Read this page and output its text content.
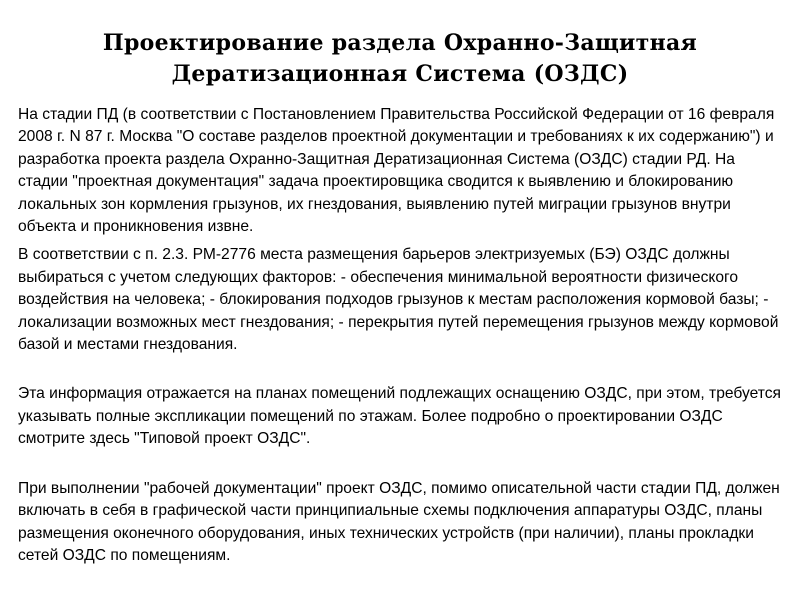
Проектирование раздела Охранно-Защитная
Дератизационная Система (ОЗДС)

На стадии ПД (в соответствии с Постановлением Правительства Российской Федерации от 16 февраля 2008 г. N 87 г. Москва "О составе разделов проектной документации и требованиях к их содержанию") и разработка проекта раздела Охранно-Защитная Дератизационная Система (ОЗДС) стадии РД. На стадии "проектная документация" задача проектировщика сводится к выявлению и блокированию локальных зон кормления грызунов, их гнездования, выявлению путей миграции грызунов внутри объекта и проникновения извне.

В соответствии с п. 2.3. РМ-2776 места размещения барьеров электризуемых (БЭ) ОЗДС должны выбираться с учетом следующих факторов: - обеспечения минимальной вероятности физического воздействия на человека; - блокирования подходов грызунов к местам расположения кормовой базы; - локализации возможных мест гнездования; - перекрытия путей перемещения грызунов между кормовой базой и местами гнездования.

Эта информация отражается на планах помещений подлежащих оснащению ОЗДС, при этом, требуется указывать полные экспликации помещений по этажам. Более подробно о проектировании ОЗДС смотрите здесь "Типовой проект ОЗДС".

При выполнении "рабочей документации" проект ОЗДС, помимо описательной части стадии ПД, должен включать в себя в графической части принципиальные схемы подключения аппаратуры ОЗДС, планы размещения оконечного оборудования, иных технических устройств (при наличии), планы прокладки сетей ОЗДС по помещениям.
